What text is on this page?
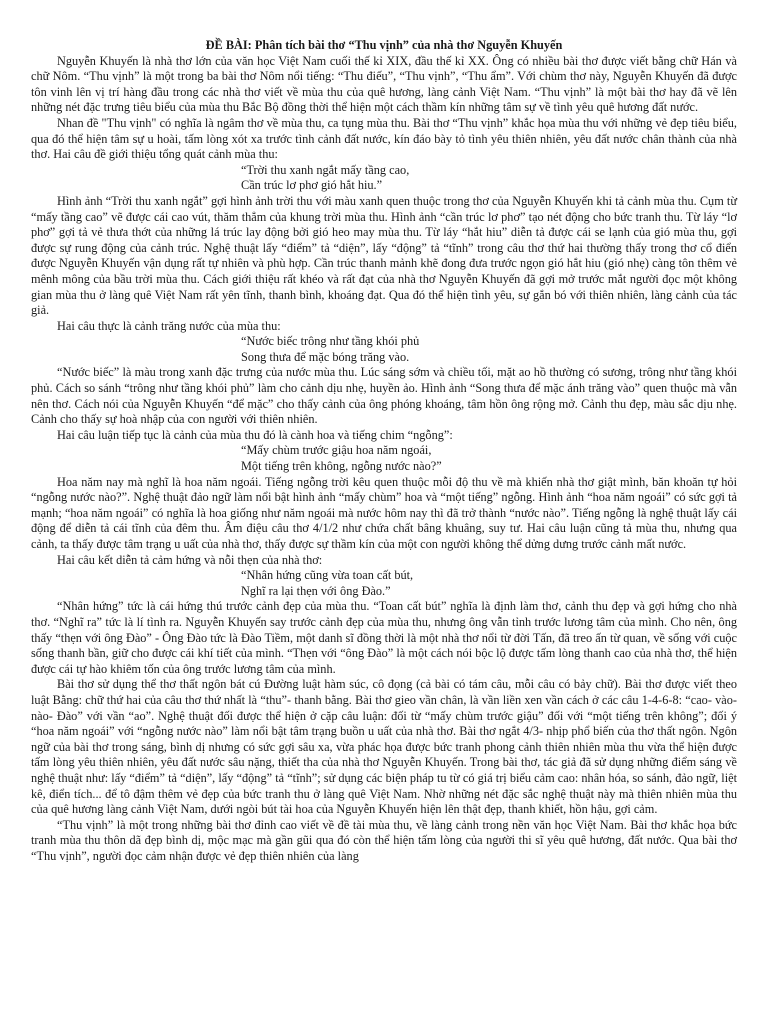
ĐỀ BÀI: Phân tích bài thơ “Thu vịnh” của nhà thơ Nguyễn Khuyến

Nguyễn Khuyến là nhà thơ lớn của văn học Việt Nam cuối thế kỉ XIX, đầu thế kỉ XX. Ông có nhiều bài thơ được viết bằng chữ Hán và chữ Nôm. “Thu vịnh” là một trong ba bài thơ Nôm nổi tiếng: “Thu điếu”, “Thu vịnh”, “Thu ẩm”. Với chùm thơ này, Nguyễn Khuyến đã được tôn vinh lên vị trí hàng đầu trong các nhà thơ viết về mùa thu của quê hương, làng cảnh Việt Nam. “Thu vịnh” là một bài thơ hay đã vẽ lên những nét đặc trưng tiêu biểu của mùa thu Bắc Bộ đồng thời thể hiện một cách thầm kín những tâm sự về tình yêu quê hương đất nước.

Nhan đề "Thu vịnh" có nghĩa là ngâm thơ về mùa thu, ca tụng mùa thu. Bài thơ “Thu vịnh” khắc họa mùa thu với những vẻ đẹp tiêu biểu, qua đó thể hiện tâm sự u hoài, tấm lòng xót xa trước tình cảnh đất nước, kín đáo bày tỏ tình yêu thiên nhiên, yêu đất nước chân thành của nhà thơ. Hai câu đề giới thiệu tổng quát cảnh mùa thu:

“Trời thu xanh ngắt mấy tầng cao,

Cần trúc lơ phơ gió hắt hiu.”

Hình ảnh “Trời thu xanh ngắt” gợi hình ảnh trời thu với màu xanh quen thuộc trong thơ của Nguyễn Khuyến khi tả cảnh mùa thu. Cụm từ “mấy tầng cao” vẽ được cái cao vút, thăm thẳm của khung trời mùa thu. Hình ảnh “cần trúc lơ phơ” tạo nét động cho bức tranh thu. Từ láy “lơ phơ” gợi tả vẻ thưa thớt của những lá trúc lay động bởi gió heo may mùa thu. Từ láy “hắt hiu” diễn tả được cái se lạnh của gió mùa thu, gợi được sự rung động của cảnh trúc. Nghệ thuật lấy “điểm” tả “diện”, lấy “động” tả “tĩnh” trong câu thơ thứ hai thường thấy trong thơ cổ điển được Nguyễn Khuyến vận dụng rất tự nhiên và phù hợp. Cần trúc thanh mảnh khẽ đong đưa trước ngọn gió hắt hiu (gió nhẹ) càng tôn thêm vẻ mênh mông của bầu trời mùa thu. Cách giới thiệu rất khéo và rất đạt của nhà thơ Nguyễn Khuyến đã gợi mở trước mắt người đọc một không gian mùa thu ở làng quê Việt Nam rất yên tĩnh, thanh bình, khoáng đạt. Qua đó thể hiện tình yêu, sự gắn bó với thiên nhiên, làng cảnh của tác giả.

Hai câu thực là cảnh trăng nước của mùa thu:

“Nước biếc trông như tầng khói phủ

Song thưa để mặc bóng trăng vào.

“Nước biếc” là màu trong xanh đặc trưng của nước mùa thu. Lúc sáng sớm và chiều tối, mặt ao hồ thường có sương, trông như tầng khói phủ. Cách so sánh “trông như tầng khói phủ” làm cho cảnh dịu nhẹ, huyền ảo. Hình ảnh “Song thưa để mặc ánh trăng vào” quen thuộc mà vẫn nên thơ. Cách nói của Nguyễn Khuyến “để mặc” cho thấy cảnh của ông phóng khoáng, tâm hồn ông rộng mở. Cảnh thu đẹp, màu sắc dịu nhẹ. Cảnh cho thấy sự hoà nhập của con người với thiên nhiên.

Hai câu luận tiếp tục là cảnh của mùa thu đó là cành hoa và tiếng chim “ngỗng”:

“Mấy chùm trước giậu hoa năm ngoái,

Một tiếng trên không, ngỗng nước nào?”

Hoa năm nay mà nghĩ là hoa năm ngoái. Tiếng ngỗng trời kêu quen thuộc mỗi độ thu về mà khiến nhà thơ giật mình, băn khoăn tự hỏi “ngỗng nước nào?”. Nghệ thuật đảo ngữ làm nổi bật hình ảnh “mấy chùm” hoa và “một tiếng” ngỗng. Hình ảnh “hoa năm ngoái” có sức gợi tả mạnh; “hoa năm ngoái” có nghĩa là hoa giống như năm ngoái mà nước hôm nay thì đã trở thành “nước nào”. Tiếng ngỗng là nghệ thuật lấy cái động để diễn tả cái tĩnh của đêm thu. Âm điệu câu thơ 4/1/2 như chứa chất bâng khuâng, suy tư. Hai câu luận cũng tả mùa thu, nhưng qua cảnh, ta thấy được tâm trạng u uất của nhà thơ, thấy được sự thầm kín của một con người không thể dửng dưng trước cảnh mất nước.

Hai câu kết diễn tả cảm hứng và nỗi thẹn của nhà thơ:

“Nhân hứng cũng vừa toan cất bút,

Nghĩ ra lại thẹn với ông Đào.”

“Nhân hứng” tức là cái hứng thú trước cảnh đẹp của mùa thu. “Toan cất bút” nghĩa là định làm thơ, cảnh thu đẹp và gợi hứng cho nhà thơ. “Nghĩ ra” tức là lí tình ra. Nguyễn Khuyến say trước cảnh đẹp của mùa thu, nhưng ông vẫn tỉnh trước lương tâm của mình. Cho nên, ông thấy “thẹn với ông Đào” - Ông Đào tức là Đào Tiềm, một danh sĩ đồng thời là một nhà thơ nổi từ đời Tấn, đã treo ấn từ quan, về sống với cuộc sống thanh bần, giữ cho được cái khí tiết của mình. “Thẹn với “ông Đào” là một cách nói bộc lộ được tấm lòng thanh cao của nhà thơ, thể hiện được cái tự hào khiêm tốn của ông trước lương tâm của mình.

Bài thơ sử dụng thể thơ thất ngôn bát cú Đường luật hàm súc, cô đọng (cả bài có tám câu, mỗi câu có bảy chữ). Bài thơ được viết theo luật Bằng: chữ thứ hai của câu thơ thứ nhất là “thu”- thanh bằng. Bài thơ gieo vần chân, là vần liền xen vần cách ở các câu 1-4-6-8: “cao- vào- nào- Đào” với vần “ao”. Nghệ thuật đối được thể hiện ở cặp câu luận: đối từ “mấy chùm trước giậu” đối với “một tiếng trên không”; đối ý “hoa năm ngoái” với “ngỗng nước nào” làm nổi bật tâm trạng buồn u uất của nhà thơ. Bài thơ ngắt 4/3- nhịp phổ biến của thơ thất ngôn. Ngôn ngữ của bài thơ trong sáng, bình dị nhưng có sức gợi sâu xa, vừa phác họa được bức tranh phong cảnh thiên nhiên mùa thu vừa thể hiện được tấm lòng yêu thiên nhiên, yêu đất nước sâu nặng, thiết tha của nhà thơ Nguyễn Khuyến. Trong bài thơ, tác giả đã sử dụng những điểm sáng về nghệ thuật như: lấy “điểm” tả “diện”, lấy “động” tả “tĩnh”; sử dụng các biện pháp tu từ có giá trị biểu cảm cao: nhân hóa, so sánh, đảo ngữ, liệt kê, điển tích... để tô đậm thêm vẻ đẹp của bức tranh thu ở làng quê Việt Nam. Nhờ những nét đặc sắc nghệ thuật này mà thiên nhiên mùa thu của quê hương làng cảnh Việt Nam, dưới ngòi bút tài hoa của Nguyễn Khuyến hiện lên thật đẹp, thanh khiết, hồn hậu, gợi cảm.

“Thu vịnh” là một trong những bài thơ đỉnh cao viết về đề tài mùa thu, về làng cảnh trong nền văn học Việt Nam. Bài thơ khắc họa bức tranh mùa thu thôn dã đẹp bình dị, mộc mạc mà gần gũi qua đó còn thể hiện tấm lòng của người thi sĩ yêu quê hương, đất nước. Qua bài thơ “Thu vịnh”, người đọc cảm nhận được vẻ đẹp thiên nhiên của làng
